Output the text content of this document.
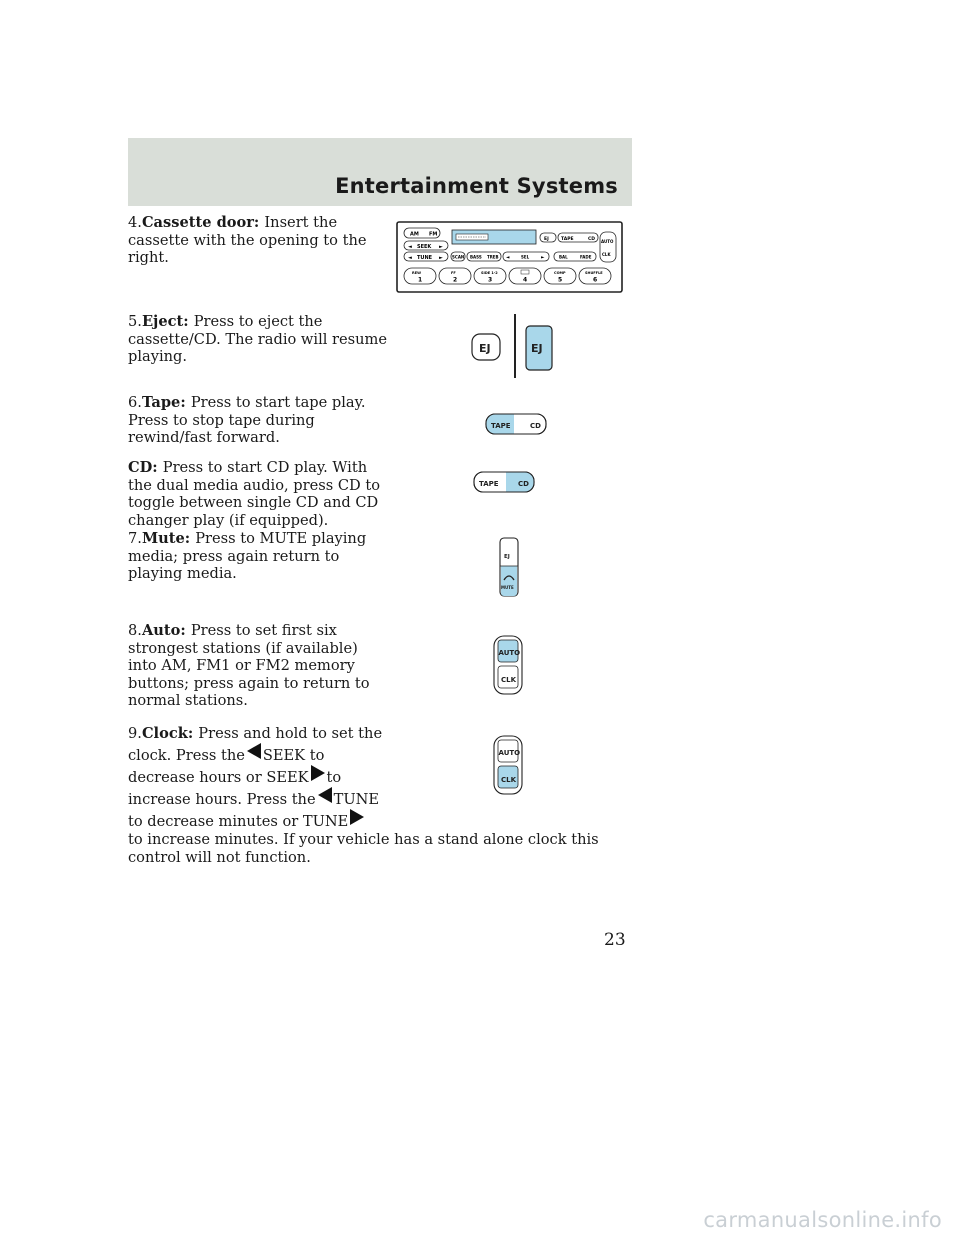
Entertainment Systems

4.Cassette door: Insert the cassette with the opening to the right.

5.Eject: Press to eject the cassette/CD. The radio will resume playing.

6.Tape: Press to start tape play. Press to stop tape during rewind/fast forward.

CD: Press to start CD play. With the dual media audio, press CD to toggle between single CD and CD changer play (if equipped).

7.Mute: Press to MUTE playing media; press again return to playing media.

8.Auto: Press to set first six strongest stations (if available) into AM, FM1 or FM2 memory buttons; press again to return to normal stations.

9.Clock: Press and hold to set the clock. Press the SEEK to decrease hours or SEEK to increase hours. Press the TUNE to decrease minutes or TUNE
to increase minutes. If your vehicle has a stand alone clock this control will not function.
AM FM
◄ SEEK ►
◄ TUNE ►
EJ	TAPE	CD AUTO
CLK
SCAN BASS TREB ◄	SEL	►	BAL	FADE
REW
1
FF
2
SIDE 1-2
3	4
COMP
5
SHUFFLE
6
EJ	EJ
TAPE	CD
TAPE	CD
EJ
MUTE
AUTO
CLK
AUTO
CLK
23
carmanualsonline.info
